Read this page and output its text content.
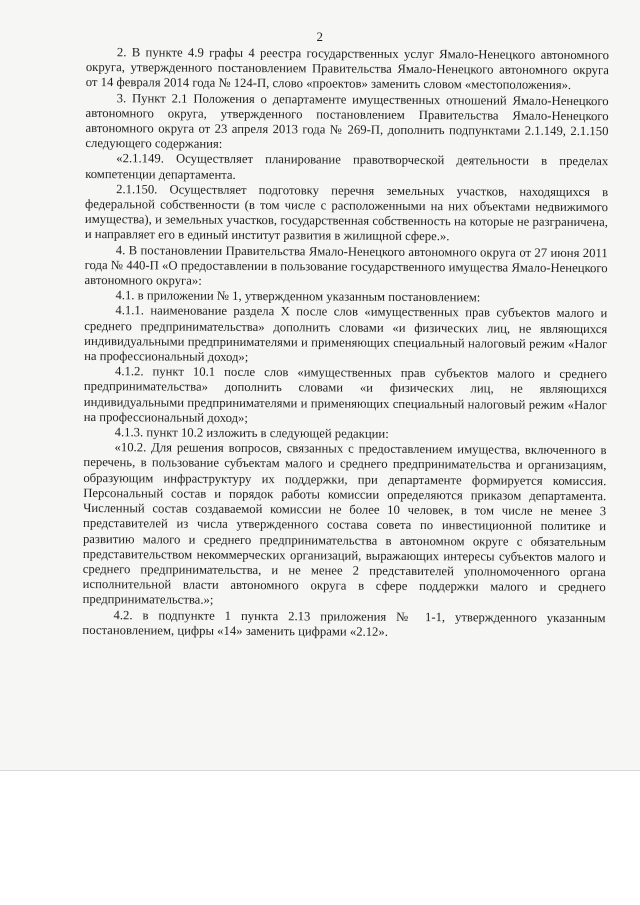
2

2. В пункте 4.9 графы 4 реестра государственных услуг Ямало-Ненецкого автономного округа, утвержденного постановлением Правительства Ямало-Ненецкого автономного округа от 14 февраля 2014 года № 124-П, слово «проектов» заменить словом «местоположения».

3. Пункт 2.1 Положения о департаменте имущественных отношений Ямало-Ненецкого автономного округа, утвержденного постановлением Правительства Ямало-Ненецкого автономного округа от 23 апреля 2013 года № 269-П, дополнить подпунктами 2.1.149, 2.1.150 следующего содержания:

«2.1.149. Осуществляет планирование правотворческой деятельности в пределах компетенции департамента.

2.1.150. Осуществляет подготовку перечня земельных участков, находящихся в федеральной собственности (в том числе с расположенными на них объектами недвижимого имущества), и земельных участков, государственная собственность на которые не разграничена, и направляет его в единый институт развития в жилищной сфере.».

4. В постановлении Правительства Ямало-Ненецкого автономного округа от 27 июня 2011 года № 440-П «О предоставлении в пользование государственного имущества Ямало-Ненецкого автономного округа»:

4.1. в приложении № 1, утвержденном указанным постановлением:

4.1.1. наименование раздела X после слов «имущественных прав субъектов малого и среднего предпринимательства» дополнить словами «и физических лиц, не являющихся индивидуальными предпринимателями и применяющих специальный налоговый режим «Налог на профессиональный доход»;

4.1.2. пункт 10.1 после слов «имущественных прав субъектов малого и среднего предпринимательства» дополнить словами «и физических лиц, не являющихся индивидуальными предпринимателями и применяющих специальный налоговый режим «Налог на профессиональный доход»;

4.1.3. пункт 10.2 изложить в следующей редакции:

«10.2. Для решения вопросов, связанных с предоставлением имущества, включенного в перечень, в пользование субъектам малого и среднего предпринимательства и организациям, образующим инфраструктуру их поддержки, при департаменте формируется комиссия. Персональный состав и порядок работы комиссии определяются приказом департамента. Численный состав создаваемой комиссии не более 10 человек, в том числе не менее 3 представителей из числа утвержденного состава совета по инвестиционной политике и развитию малого и среднего предпринимательства в автономном округе с обязательным представительством некоммерческих организаций, выражающих интересы субъектов малого и среднего предпринимательства, и не менее 2 представителей уполномоченного органа исполнительной власти автономного округа в сфере поддержки малого и среднего предпринимательства.»;

4.2. в подпункте 1 пункта 2.13 приложения № 1-1, утвержденного указанным постановлением, цифры «14» заменить цифрами «2.12».
